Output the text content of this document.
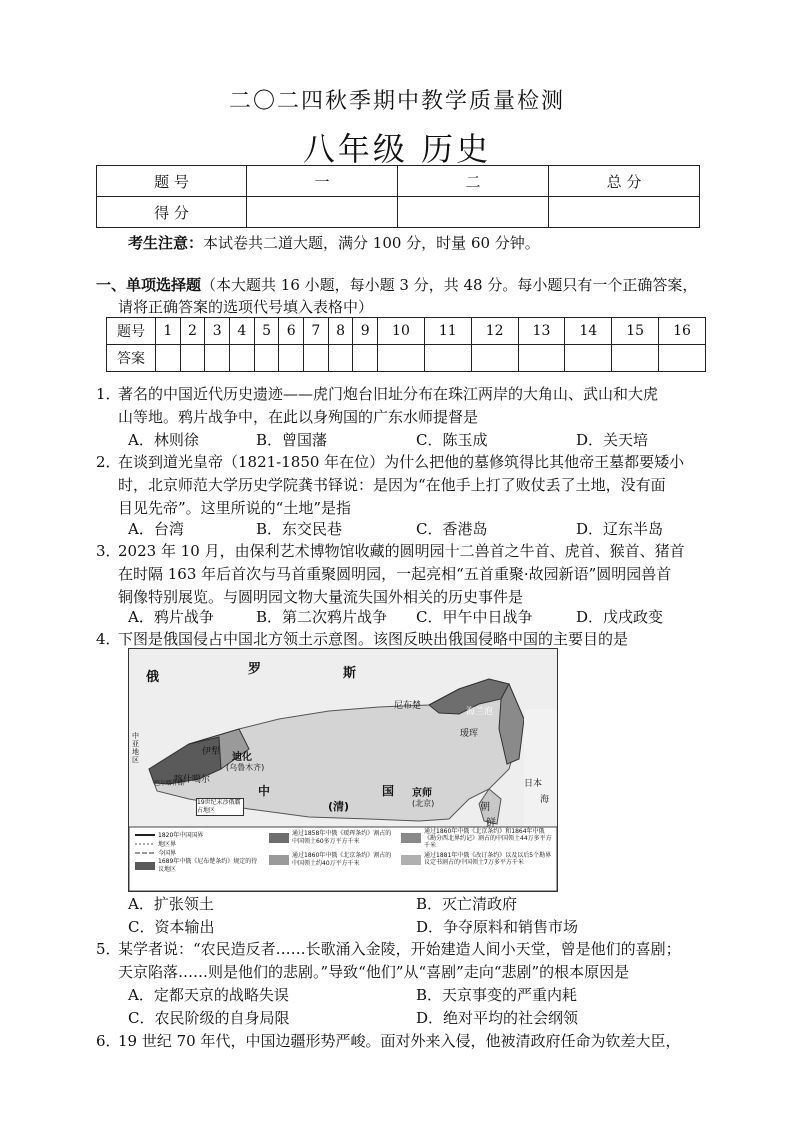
二〇二四秋季期中教学质量检测
八年级 历史
题 号	一	二	总 分
得 分			
考生注意：本试卷共二道大题，满分 100 分，时量 60 分钟。
一、单项选择题（本大题共 16 小题，每小题 3 分，共 48 分。每小题只有一个正确答案，
请将正确答案的选项代号填入表格中）
题号	1	2	3	4	5	6	7	8	9	10	11	12	13	14	15	16
答案																
1．
著名的中国近代历史遗迹——虎门炮台旧址分布在珠江两岸的大角山、武山和大虎
山等地。鸦片战争中，在此以身殉国的广东水师提督是
A．林则徐	B．曾国藩	C．陈玉成	D．关天培
2．
在谈到道光皇帝（1821-1850 年在位）为什么把他的墓修筑得比其他帝王墓都要矮小
时，北京师范大学历史学院龚书铎说：是因为“在他手上打了败仗丢了土地，没有面
目见先帝”。这里所说的“土地”是指
A．台湾	B．东交民巷	C．香港岛	D．辽东半岛
3．
2023 年 10 月，由保利艺术博物馆收藏的圆明园十二兽首之牛首、虎首、猴首、猪首
在时隔 163 年后首次与马首重聚圆明园，一起亮相“五首重聚·故园新语”圆明园兽首
铜像特别展览。与圆明园文物大量流失国外相关的历史事件是
A．鸦片战争	B．第二次鸦片战争 C．甲午中日战争	D．戊戌政变
4．
下图是俄国侵占中国北方领土示意图。该图反映出俄国侵略中国的主要目的是
俄
罗	斯
尼布楚
海兰泡
瑷珲
伊犁 迪化
(乌鲁木齐)
喀什噶尔
中
(清)
国 京师
(北京)	朝
鲜
日本
海
中亚地区
巴尔喀什湖
19世纪末沙俄霸占地区
1820年中国国界
地区界
今国界
1689年中俄《尼布楚条约》规定的待议地区
通过1858年中俄《瑷珲条约》割占的中国领土60多万平方千米
通过1860年中俄《北京条约》割占的中国领土约40万平方千米
通过1860年中俄《北京条约》和1864年中俄《勘分西北界约记》割占的中国领土44万多平方千米
通过1881年中俄《改订条约》以及以后5个勘界议定书割占的中国领土7万多平方千米
A．扩张领土	B．灭亡清政府
C．资本输出	D．争夺原料和销售市场
5．
某学者说：“农民造反者……长歌涌入金陵，开始建造人间小天堂，曾是他们的喜剧；
天京陷落……则是他们的悲剧。”导致“他们”从“喜剧”走向“悲剧”的根本原因是
A．定都天京的战略失误	B．天京事变的严重内耗
C．农民阶级的自身局限	D．绝对平均的社会纲领
6．
19 世纪 70 年代，中国边疆形势严峻。面对外来入侵，他被清政府任命为钦差大臣，
